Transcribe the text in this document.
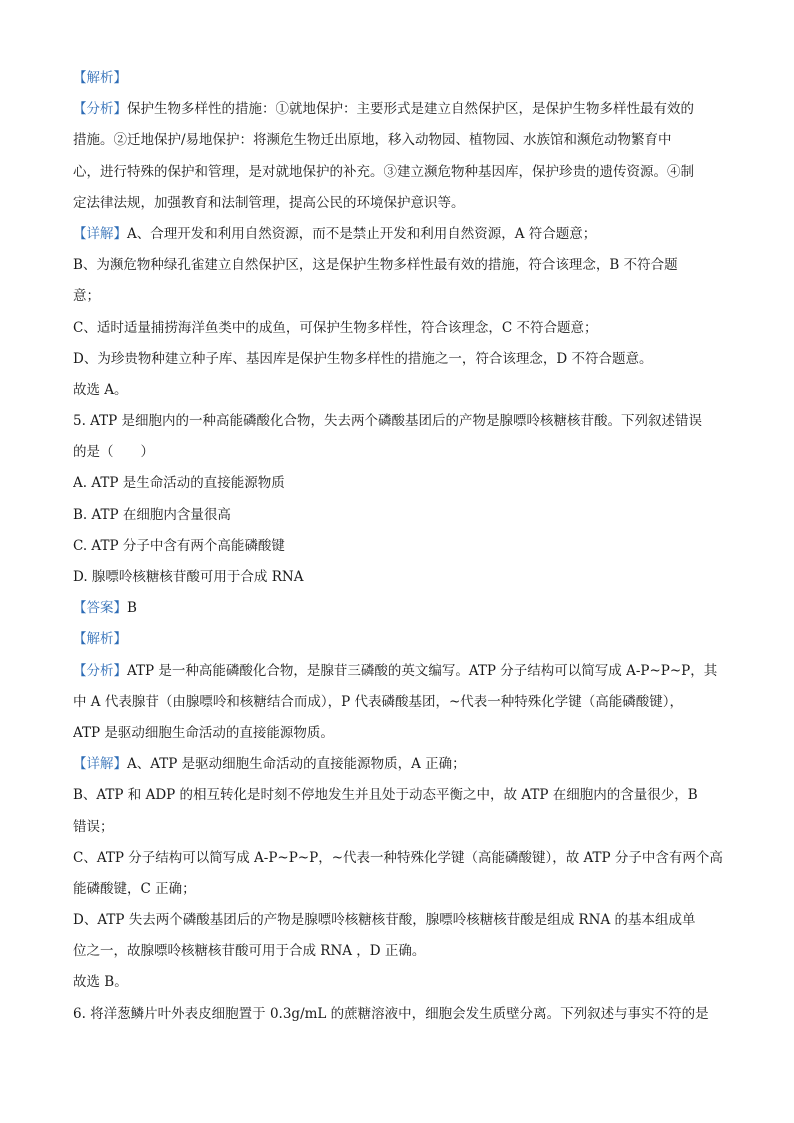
【解析】
【分析】保护生物多样性的措施：①就地保护：主要形式是建立自然保护区，是保护生物多样性最有效的
措施。②迁地保护/易地保护：将濒危生物迁出原地，移入动物园、植物园、水族馆和濒危动物繁育中
心，进行特殊的保护和管理，是对就地保护的补充。③建立濒危物种基因库，保护珍贵的遗传资源。④制
定法律法规，加强教育和法制管理，提高公民的环境保护意识等。
【详解】A、合理开发和利用自然资源，而不是禁止开发和利用自然资源，A 符合题意；
B、为濒危物种绿孔雀建立自然保护区，这是保护生物多样性最有效的措施，符合该理念，B 不符合题
意；
C、适时适量捕捞海洋鱼类中的成鱼，可保护生物多样性，符合该理念，C 不符合题意；
D、为珍贵物种建立种子库、基因库是保护生物多样性的措施之一，符合该理念，D 不符合题意。
故选 A。
5. ATP 是细胞内的一种高能磷酸化合物，失去两个磷酸基团后的产物是腺嘌呤核糖核苷酸。下列叙述错误
的是（　　）
A. ATP 是生命活动的直接能源物质
B. ATP 在细胞内含量很高
C. ATP 分子中含有两个高能磷酸键
D. 腺嘌呤核糖核苷酸可用于合成 RNA
【答案】B
【解析】
【分析】ATP 是一种高能磷酸化合物，是腺苷三磷酸的英文编写。ATP 分子结构可以简写成 A-P~P~P，其
中 A 代表腺苷（由腺嘌呤和核糖结合而成），P 代表磷酸基团，~代表一种特殊化学键（高能磷酸键），
ATP 是驱动细胞生命活动的直接能源物质。
【详解】A、ATP 是驱动细胞生命活动的直接能源物质，A 正确；
B、ATP 和 ADP 的相互转化是时刻不停地发生并且处于动态平衡之中，故 ATP 在细胞内的含量很少，B
错误；
C、ATP 分子结构可以简写成 A-P~P~P，~代表一种特殊化学键（高能磷酸键），故 ATP 分子中含有两个高
能磷酸键，C 正确；
D、ATP 失去两个磷酸基团后的产物是腺嘌呤核糖核苷酸，腺嘌呤核糖核苷酸是组成 RNA 的基本组成单
位之一，故腺嘌呤核糖核苷酸可用于合成 RNA ，D 正确。
故选 B。
6. 将洋葱鳞片叶外表皮细胞置于 0.3g/mL 的蔗糖溶液中，细胞会发生质壁分离。下列叙述与事实不符的是
